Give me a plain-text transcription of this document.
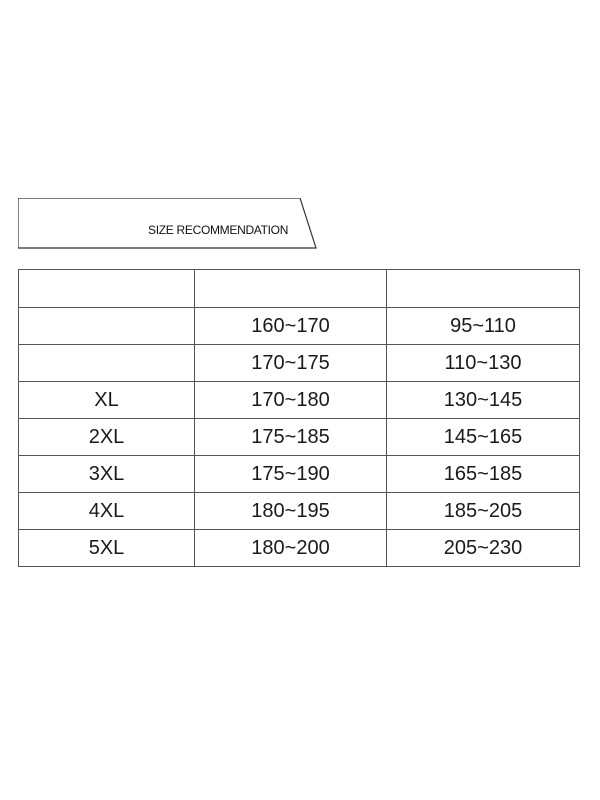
SIZE RECOMMENDATION

	160~170	95~110
	170~175	110~130
XL	170~180	130~145
2XL	175~185	145~165
3XL	175~190	165~185
4XL	180~195	185~205
5XL	180~200	205~230
